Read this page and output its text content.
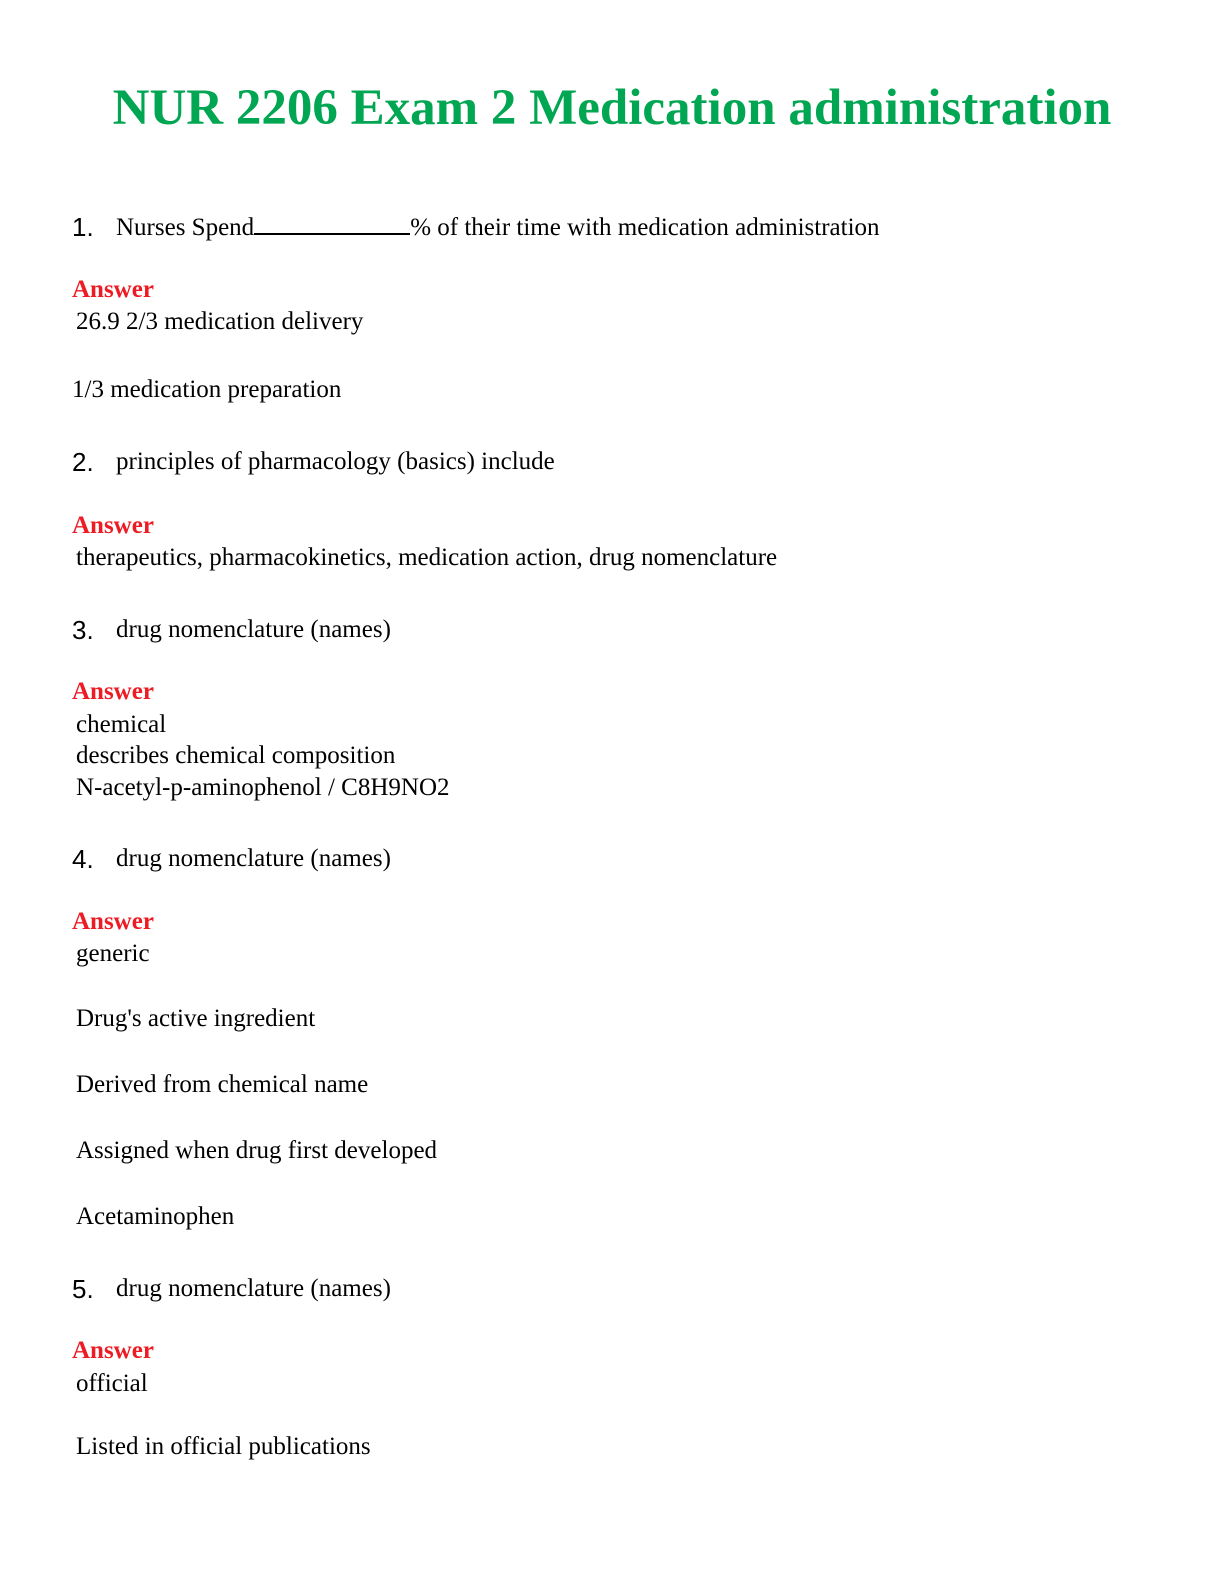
NUR 2206 Exam 2 Medication administration
1. Nurses Spend	% of their time with medication administration
Answer
26.9 2/3 medication delivery
1/3 medication preparation
2. principles of pharmacology (basics) include
Answer
therapeutics, pharmacokinetics, medication action, drug nomenclature
3. drug nomenclature (names)
Answer
chemical
describes chemical composition
N-acetyl-p-aminophenol / C8H9NO2
4. drug nomenclature (names)
Answer
generic
Drug's active ingredient
Derived from chemical name
Assigned when drug first developed
Acetaminophen
5. drug nomenclature (names)
Answer
official
Listed in official publications
